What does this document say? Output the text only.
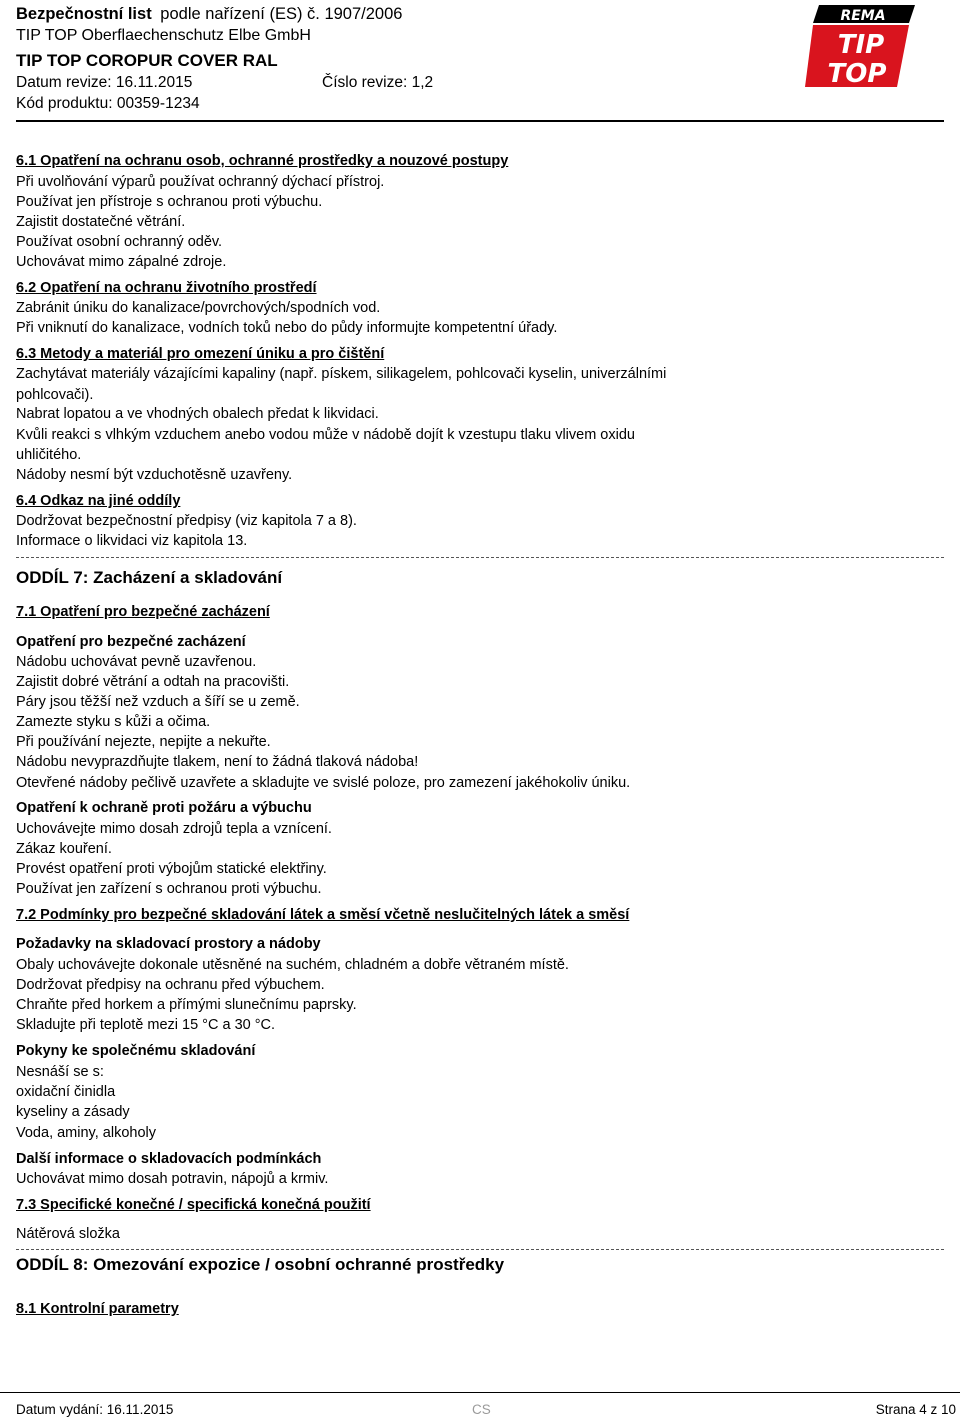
Bezpečnostní list podle nařízení (ES) č. 1907/2006
TIP TOP Oberflaechenschutz Elbe GmbH
TIP TOP COROPUR COVER RAL
Datum revize: 16.11.2015	Číslo revize: 1,2
Kód produktu: 00359-1234
REMA
TIP
TOP
6.1 Opatření na ochranu osob, ochranné prostředky a nouzové postupy
Při uvolňování výparů používat ochranný dýchací přístroj.
Používat jen přístroje s ochranou proti výbuchu.
Zajistit dostatečné větrání.
Používat osobní ochranný oděv.
Uchovávat mimo zápalné zdroje.
6.2 Opatření na ochranu životního prostředí
Zabránit úniku do kanalizace/povrchových/spodních vod.
Při vniknutí do kanalizace, vodních toků nebo do půdy informujte kompetentní úřady.
6.3 Metody a materiál pro omezení úniku a pro čištění
Zachytávat materiály vázajícími kapaliny (např. pískem, silikagelem, pohlcovači kyselin, univerzálními
pohlcovači).
Nabrat lopatou a ve vhodných obalech předat k likvidaci.
Kvůli reakci s vlhkým vzduchem anebo vodou může v nádobě dojít k vzestupu tlaku vlivem oxidu
uhličitého.
Nádoby nesmí být vzduchotěsně uzavřeny.
6.4 Odkaz na jiné oddíly
Dodržovat bezpečnostní předpisy (viz kapitola 7 a 8).
Informace o likvidaci viz kapitola 13.
ODDÍL 7: Zacházení a skladování
7.1 Opatření pro bezpečné zacházení
Opatření pro bezpečné zacházení
Nádobu uchovávat pevně uzavřenou.
Zajistit dobré větrání a odtah na pracovišti.
Páry jsou těžší než vzduch a šíří se u země.
Zamezte styku s kůži a očima.
Při používání nejezte, nepijte a nekuřte.
Nádobu nevyprazdňujte tlakem, není to žádná tlaková nádoba!
Otevřené nádoby pečlivě uzavřete a skladujte ve svislé poloze, pro zamezení jakéhokoliv úniku.
Opatření k ochraně proti požáru a výbuchu
Uchovávejte mimo dosah zdrojů tepla a vznícení.
Zákaz kouření.
Provést opatření proti výbojům statické elektřiny.
Používat jen zařízení s ochranou proti výbuchu.
7.2 Podmínky pro bezpečné skladování látek a směsí včetně neslučitelných látek a směsí
Požadavky na skladovací prostory a nádoby
Obaly uchovávejte dokonale utěsněné na suchém, chladném a dobře větraném místě.
Dodržovat předpisy na ochranu před výbuchem.
Chraňte před horkem a přímými slunečnímu paprsky.
Skladujte při teplotě mezi 15 °C a 30 °C.
Pokyny ke společnému skladování
Nesnáší se s:
oxidační činidla
kyseliny a zásady
Voda, aminy, alkoholy
Další informace o skladovacích podmínkách
Uchovávat mimo dosah potravin, nápojů a krmiv.
7.3 Specifické konečné / specifická konečná použití
Nátěrová složka
ODDÍL 8: Omezování expozice / osobní ochranné prostředky
8.1 Kontrolní parametry
Datum vydání: 16.11.2015	CS	Strana 4 z 10
